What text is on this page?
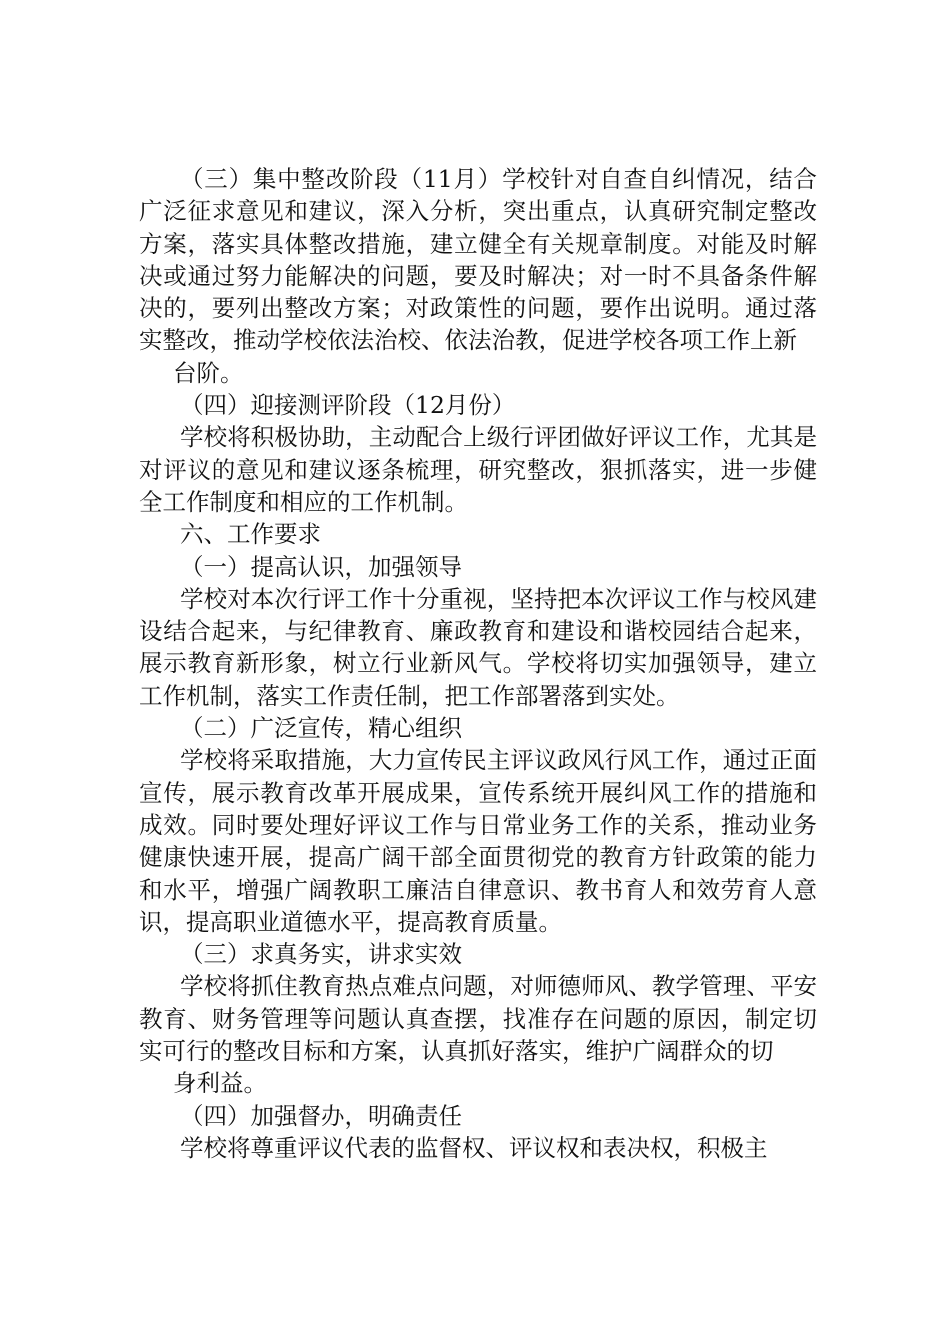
（三）集中整改阶段（11月）学校针对自查自纠情况，结合广泛征求意见和建议，深入分析，突出重点，认真研究制定整改方案，落实具体整改措施，建立健全有关规章制度。对能及时解决或通过努力能解决的问题，要及时解决；对一时不具备条件解决的，要列出整改方案；对政策性的问题，要作出说明。通过落实整改，推动学校依法治校、依法治教，促进学校各项工作上新

台阶。

（四）迎接测评阶段（12月份）

学校将积极协助，主动配合上级行评团做好评议工作，尤其是对评议的意见和建议逐条梳理，研究整改，狠抓落实，进一步健全工作制度和相应的工作机制。

六、工作要求

（一）提高认识，加强领导

学校对本次行评工作十分重视，坚持把本次评议工作与校风建设结合起来，与纪律教育、廉政教育和建设和谐校园结合起来，展示教育新形象，树立行业新风气。学校将切实加强领导，建立工作机制，落实工作责任制，把工作部署落到实处。

（二）广泛宣传，精心组织

学校将采取措施，大力宣传民主评议政风行风工作，通过正面宣传，展示教育改革开展成果，宣传系统开展纠风工作的措施和成效。同时要处理好评议工作与日常业务工作的关系，推动业务健康快速开展，提高广阔干部全面贯彻党的教育方针政策的能力和水平，增强广阔教职工廉洁自律意识、教书育人和效劳育人意识，提高职业道德水平，提高教育质量。

（三）求真务实，讲求实效

学校将抓住教育热点难点问题，对师德师风、教学管理、平安教育、财务管理等问题认真查摆，找准存在问题的原因，制定切实可行的整改目标和方案，认真抓好落实，维护广阔群众的切

身利益。

（四）加强督办，明确责任

学校将尊重评议代表的监督权、评议权和表决权，积极主
